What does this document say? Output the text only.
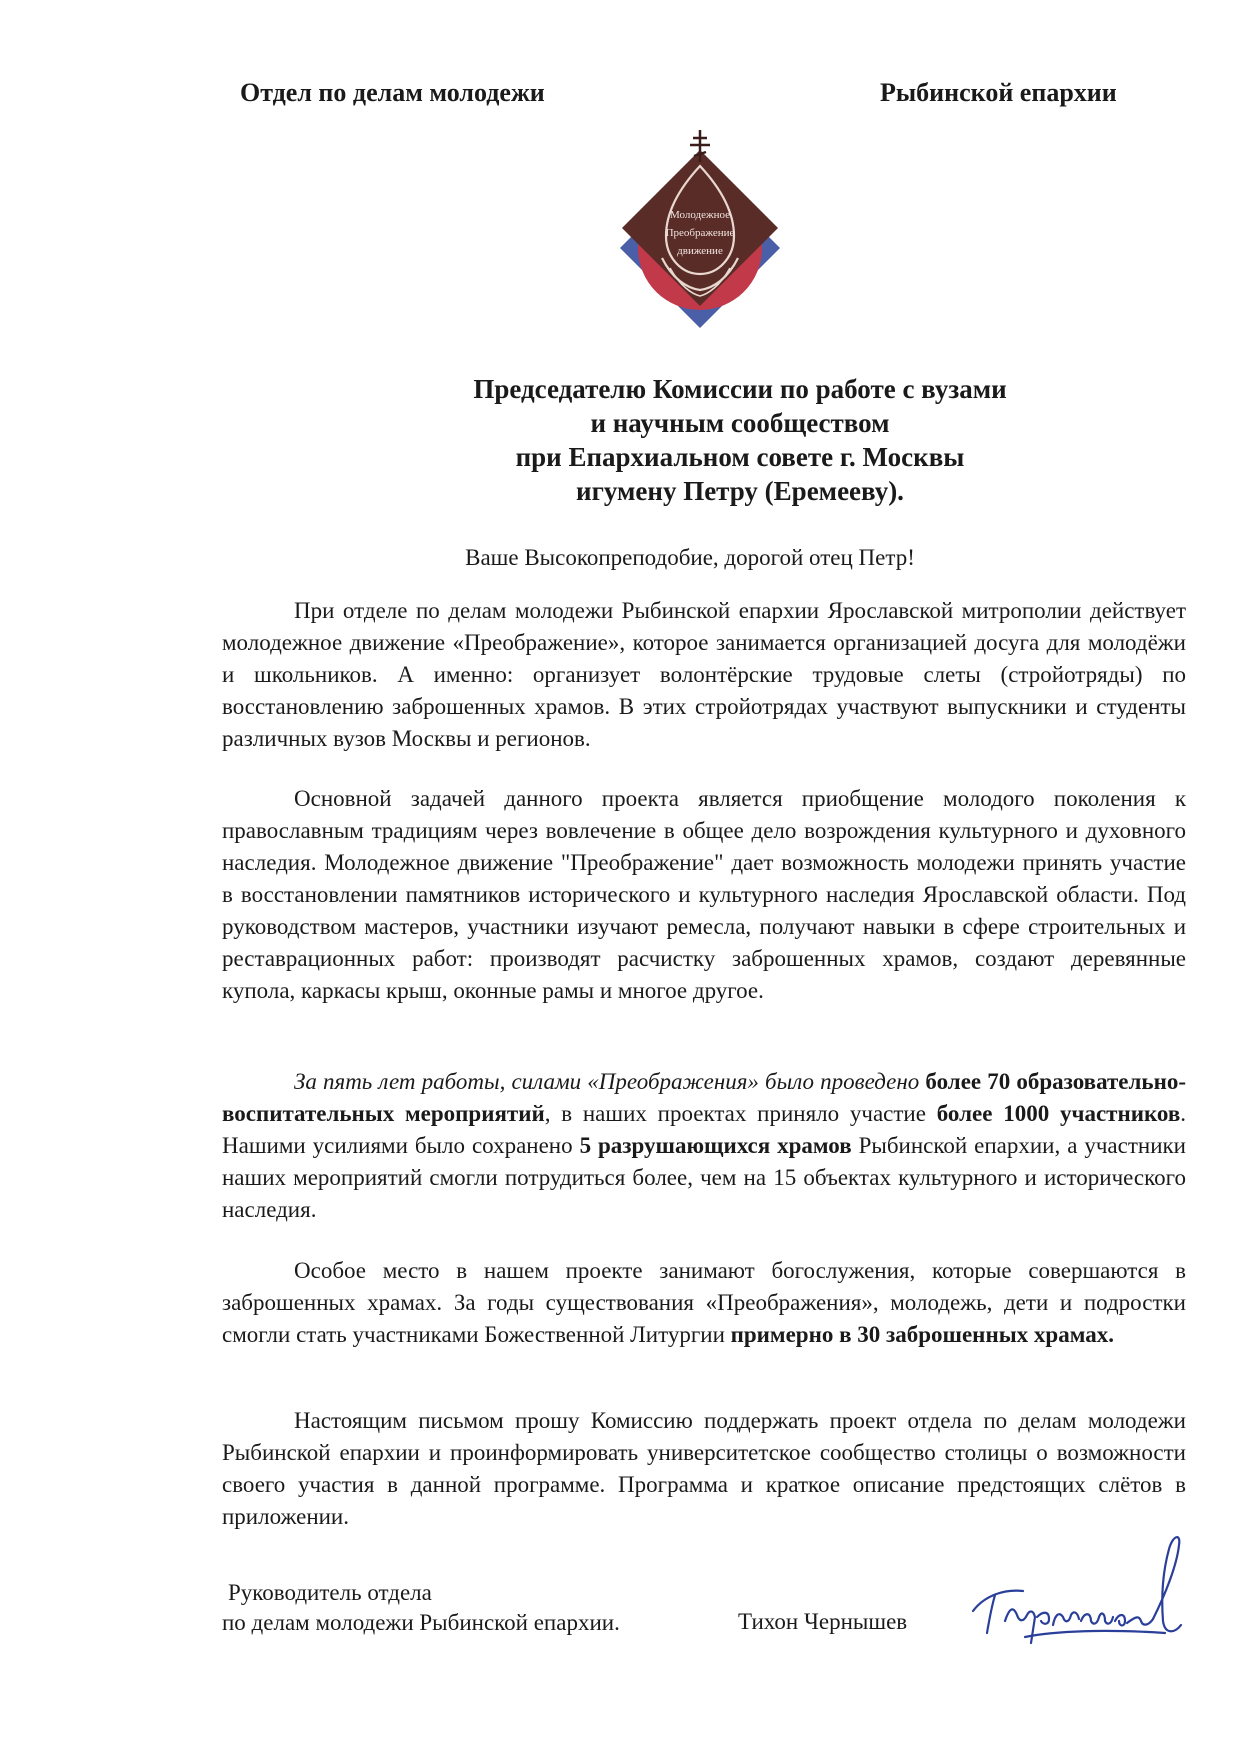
Отдел по делам молодежи	Рыбинской епархии
Молодежное
Преображение
движение
Председателю Комиссии по работе с вузами
и научным сообществом
при Епархиальном совете г. Москвы
игумену Петру (Еремееву).
Ваше Высокопреподобие, дорогой отец Петр!

При отделе по делам молодежи Рыбинской епархии Ярославской митрополии действует молодежное движение «Преображение», которое занимается организацией досуга для молодёжи и школьников. А именно: организует волонтёрские трудовые слеты (стройотряды) по восстановлению заброшенных храмов. В этих стройотрядах участвуют выпускники и студенты различных вузов Москвы и регионов.

Основной задачей данного проекта является приобщение молодого поколения к православным традициям через вовлечение в общее дело возрождения культурного и духовного наследия. Молодежное движение "Преображение" дает возможность молодежи принять участие в восстановлении памятников исторического и культурного наследия Ярославской области. Под руководством мастеров, участники изучают ремесла, получают навыки в сфере строительных и реставрационных работ: производят расчистку заброшенных храмов, создают деревянные купола, каркасы крыш, оконные рамы и многое другое.

За пять лет работы, силами «Преображения» было проведено более 70 образовательно-воспитательных мероприятий, в наших проектах приняло участие более 1000 участников. Нашими усилиями было сохранено 5 разрушающихся храмов Рыбинской епархии, а участники наших мероприятий смогли потрудиться более, чем на 15 объектах культурного и исторического наследия.

Особое место в нашем проекте занимают богослужения, которые совершаются в заброшенных храмах. За годы существования «Преображения», молодежь, дети и подростки смогли стать участниками Божественной Литургии примерно в 30 заброшенных храмах.

Настоящим письмом прошу Комиссию поддержать проект отдела по делам молодежи Рыбинской епархии и проинформировать университетское сообщество столицы о возможности своего участия в данной программе. Программа и краткое описание предстоящих слётов в приложении.

Руководитель отдела
по делам молодежи Рыбинской епархии.	Тихон Чернышев
